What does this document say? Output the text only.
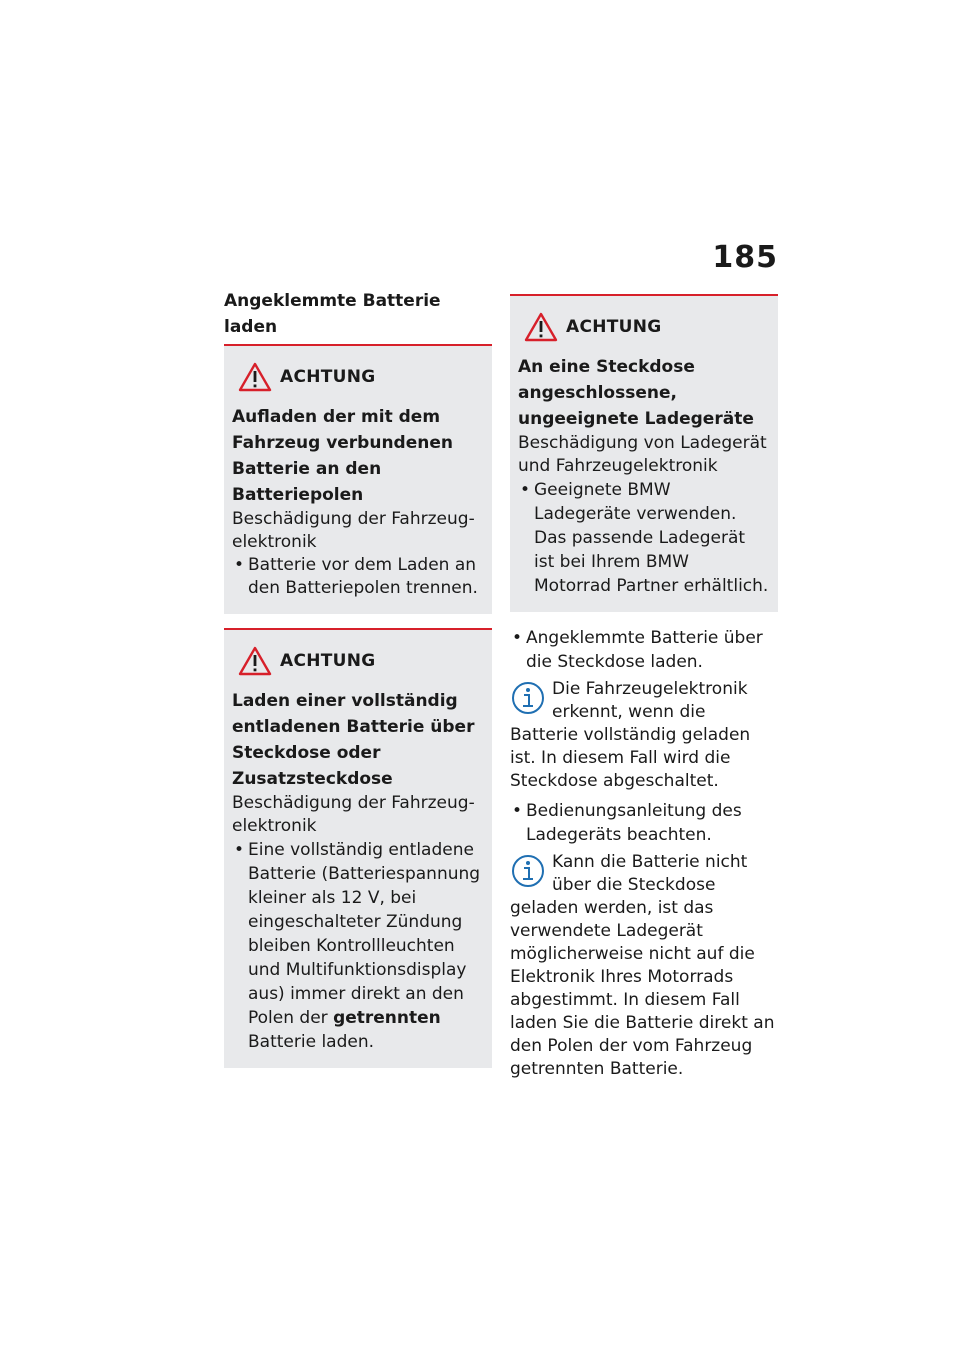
185
Angeklemmte Batterie laden
ACHTUNG
Aufladen der mit dem Fahrzeug verbundenen Batterie an den Batteriepolen

Beschädigung der Fahrzeugelektronik

• Batterie vor dem Laden an den Batteriepolen trennen.
ACHTUNG
Laden einer vollständig entladenen Batterie über Steckdose oder Zusatzsteckdose

Beschädigung der Fahrzeugelektronik

• Eine vollständig entladene Batterie (Batteriespannung kleiner als 12 V, bei eingeschalteter Zündung bleiben Kontrollleuchten und Multifunktionsdisplay aus) immer direkt an den Polen der getrennten Batterie laden.
ACHTUNG
An eine Steckdose angeschlossene, ungeeignete Ladegeräte

Beschädigung von Ladegerät und Fahrzeugelektronik

• Geeignete BMW Ladegeräte verwenden. Das passende Ladegerät ist bei Ihrem BMW Motorrad Partner erhältlich.
• Angeklemmte Batterie über die Steckdose laden.
Die Fahrzeugelektronik erkennt, wenn die Batterie vollständig geladen ist. In diesem Fall wird die Steckdose abgeschaltet.
• Bedienungsanleitung des Ladegeräts beachten.
Kann die Batterie nicht über die Steckdose geladen werden, ist das verwendete Ladegerät möglicherweise nicht auf die Elektronik Ihres Motorrads abgestimmt. In diesem Fall laden Sie die Batterie direkt an den Polen der vom Fahrzeug getrennten Batterie.
